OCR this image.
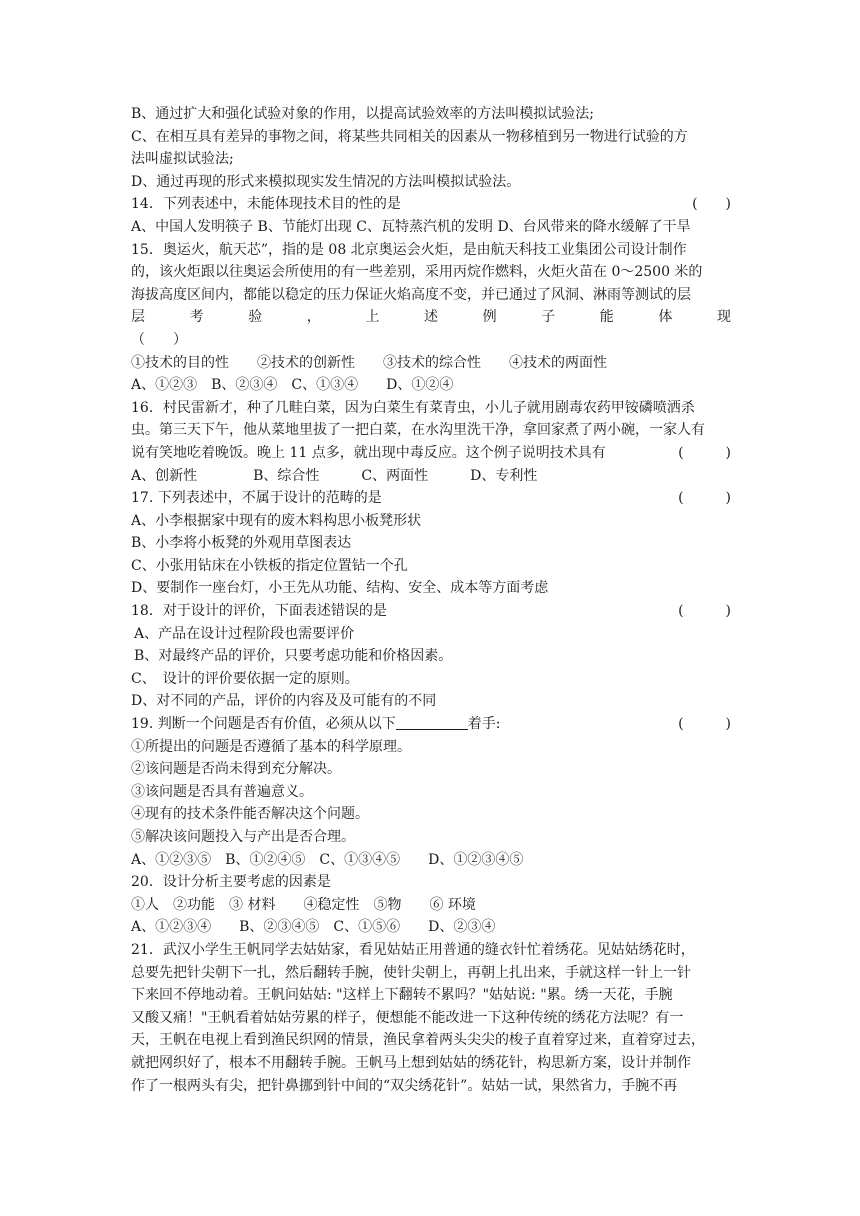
B、通过扩大和强化试验对象的作用，以提高试验效率的方法叫模拟试验法;
C、在相互具有差异的事物之间，将某些共同相关的因素从一物移植到另一物进行试验的方
法叫虚拟试验法;
D、通过再现的形式来模拟现实发生情况的方法叫模拟试验法。
14．下列表述中，未能体现技术目的性的是	(　　)
A、中国人发明筷子 B、节能灯出现 C、瓦特蒸汽机的发明 D、台风带来的降水缓解了干旱
15．奥运火，航天芯”，指的是 08 北京奥运会火炬，是由航天科技工业集团公司设计制作
的，该火炬跟以往奥运会所使用的有一些差别，采用丙烷作燃料，火炬火苗在 0～2500 米的
海拔高度区间内，都能以稳定的压力保证火焰高度不变，并已通过了风洞、淋雨等测试的层
层	考	验	，	上	述	例	子	能	体	现
（　　）
①技术的目的性　　②技术的创新性　　③技术的综合性　　④技术的两面性
A、①②③　B、②③④　C、①③④　　D、①②④
16．村民雷新才，种了几畦白菜，因为白菜生有菜青虫，小儿子就用剧毒农药甲铵磷喷洒杀
虫。第三天下午，他从菜地里拔了一把白菜，在水沟里洗干净，拿回家煮了两小碗，一家人有
说有笑地吃着晚饭。晚上 11 点多，就出现中毒反应。这个例子说明技术具有	(　　　)
A、创新性　　　　B、综合性　　　C、两面性　　　D、专利性
17. 下列表述中，不属于设计的范畴的是	(　　　)
A、小李根据家中现有的废木料构思小板凳形状
B、小李将小板凳的外观用草图表达
C、小张用钻床在小铁板的指定位置钻一个孔
D、要制作一座台灯，小王先从功能、结构、安全、成本等方面考虑
18．对于设计的评价，下面表述错误的是	(　　　)
A、产品在设计过程阶段也需要评价
B、对最终产品的评价，只要考虑功能和价格因素。
C、　设计的评价要依据一定的原则。
D、对不同的产品，评价的内容及及可能有的不同
19. 判断一个问题是否有价值，必须从以下	着手:	(　　　)
①所提出的问题是否遵循了基本的科学原理。
②该问题是否尚未得到充分解决。
③该问题是否具有普遍意义。
④现有的技术条件能否解决这个问题。
⑤解决该问题投入与产出是否合理。
A、①②③⑤　B、①②④⑤　C、①③④⑤　　D、①②③④⑤
20．设计分析主要考虑的因素是
①人　②功能　③ 材料　　④稳定性　⑤物　　⑥ 环境
A、①②③④　　B、②③④⑤　C、①⑤⑥　　D、②③④
21．武汉小学生王帆同学去姑姑家，看见姑姑正用普通的缝衣针忙着绣花。见姑姑绣花时，
总要先把针尖朝下一扎，然后翻转手腕，使针尖朝上，再朝上扎出来，手就这样一针上一针
下来回不停地动着。王帆问姑姑: "这样上下翻转不累吗？"姑姑说: "累。绣一天花，手腕
又酸又痛！"王帆看着姑姑劳累的样子，便想能不能改进一下这种传统的绣花方法呢？有一
天，王帆在电视上看到渔民织网的情景，渔民拿着两头尖尖的梭子直着穿过来，直着穿过去，
就把网织好了，根本不用翻转手腕。王帆马上想到姑姑的绣花针，构思新方案，设计并制作
作了一根两头有尖，把针鼻挪到针中间的“双尖绣花针”。姑姑一试，果然省力，手腕不再
